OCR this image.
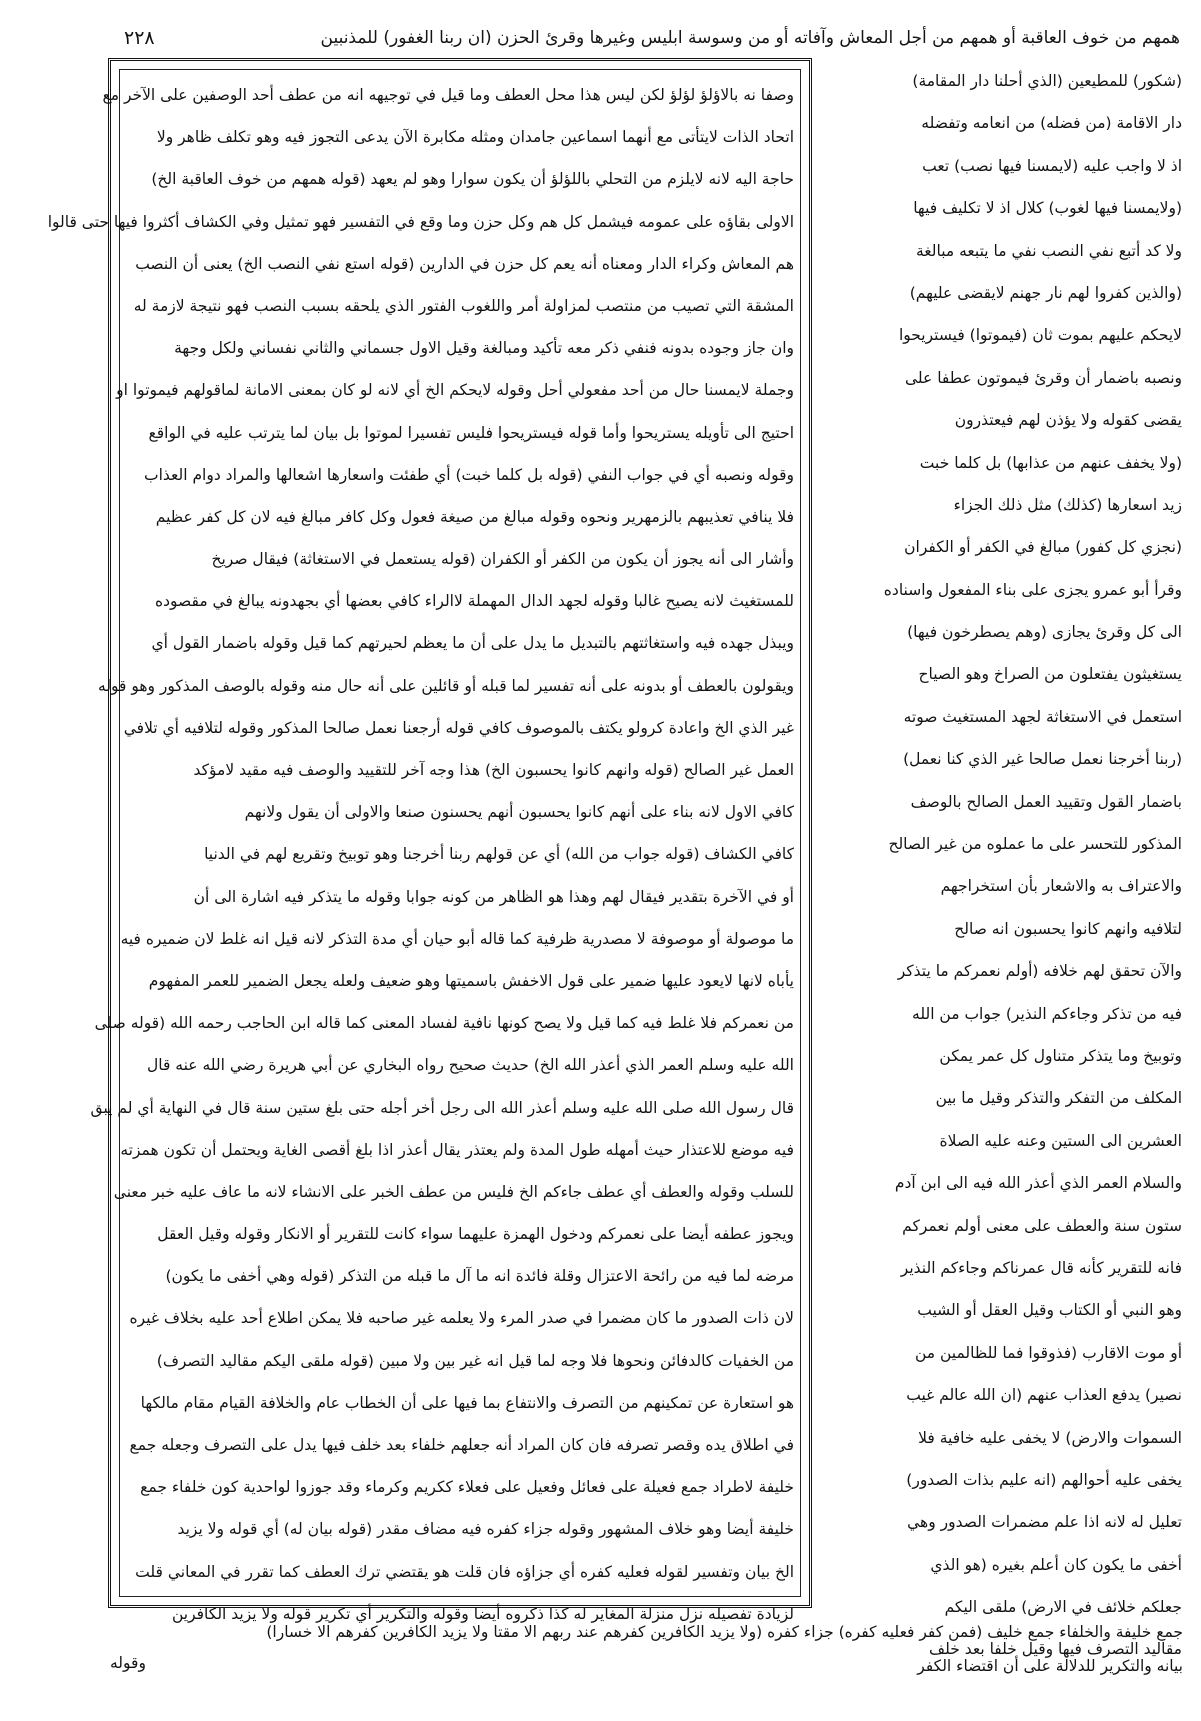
همهم من خوف العاقبة أو همهم من أجل المعاش وآفاته أو من وسوسة ابليس وغيرها وقرئ الحزن (ان ربنا الغفور) للمذنبين
٢٢٨
وصفا نه بالاؤلؤ لؤلؤ لكن ليس هذا محل العطف وما قيل في توجيهه انه من عطف أحد الوصفين على الآخر مع
اتحاد الذات لايتأتى مع أنهما اسماعين جامدان ومثله مكابرة الآن يدعى التجوز فيه وهو تكلف ظاهر ولا
حاجة اليه لانه لايلزم من التحلي باللؤلؤ أن يكون سوارا وهو لم يعهد (قوله همهم من خوف العاقبة الخ)
الاولى بقاؤه على عمومه فيشمل كل هم وكل حزن وما وقع في التفسير فهو تمثيل وفي الكشاف أكثروا فيها حتى قالوا
هم المعاش وكراء الدار ومعناه أنه يعم كل حزن في الدارين (قوله استع نفي النصب الخ) يعنى أن النصب
المشقة التي تصيب من منتصب لمزاولة أمر واللغوب الفتور الذي يلحقه بسبب النصب فهو نتيجة لازمة له
وان جاز وجوده بدونه فنفي ذكر معه تأكيد ومبالغة وقيل الاول جسماني والثاني نفساني ولكل وجهة
وجملة لايمسنا حال من أحد مفعولي أحل وقوله لايحكم الخ أي لانه لو كان بمعنى الامانة لماقولهم فيموتوا او
احتيج الى تأويله يستريحوا وأما قوله فيستريحوا فليس تفسيرا لموتوا بل بيان لما يترتب عليه في الواقع
وقوله ونصبه أي في جواب النفي (قوله بل كلما خبت) أي طفئت واسعارها اشعالها والمراد دوام العذاب
فلا ينافي تعذيبهم بالزمهرير ونحوه وقوله مبالغ من صيغة فعول وكل كافر مبالغ فيه لان كل كفر عظيم
وأشار الى أنه يجوز أن يكون من الكفر أو الكفران (قوله يستعمل في الاستغاثة) فيقال صريخ
للمستغيث لانه يصيح غالبا وقوله لجهد الدال المهملة لاالراء كافي بعضها أي بجهدونه يبالغ في مقصوده
ويبذل جهده فيه واستغاثتهم بالتبديل ما يدل على أن ما يعظم لحيرتهم كما قيل وقوله باضمار القول أي
ويقولون بالعطف أو بدونه على أنه تفسير لما قبله أو قائلين على أنه حال منه وقوله بالوصف المذكور وهو قوله
غير الذي الخ واعادة كرولو يكتف بالموصوف كافي قوله أرجعنا نعمل صالحا المذكور وقوله لتلافيه أي تلافي
العمل غير الصالح (قوله وانهم كانوا يحسبون الخ) هذا وجه آخر للتقييد والوصف فيه مقيد لامؤكد
كافي الاول لانه بناء على أنهم كانوا يحسبون أنهم يحسنون صنعا والاولى أن يقول ولانهم
كافي الكشاف (قوله جواب من الله) أي عن قولهم ربنا أخرجنا وهو توبيخ وتقريع لهم في الدنيا
أو في الآخرة بتقدير فيقال لهم وهذا هو الظاهر من كونه جوابا وقوله ما يتذكر فيه اشارة الى أن
ما موصولة أو موصوفة لا مصدرية ظرفية كما قاله أبو حيان أي مدة التذكر لانه قيل انه غلط لان ضميره فيه
يأباه لانها لايعود عليها ضمير على قول الاخفش باسميتها وهو ضعيف ولعله يجعل الضمير للعمر المفهوم
من نعمركم فلا غلط فيه كما قيل ولا يصح كونها نافية لفساد المعنى كما قاله ابن الحاجب رحمه الله (قوله صلى
الله عليه وسلم العمر الذي أعذر الله الخ) حديث صحيح رواه البخاري عن أبي هريرة رضي الله عنه قال
قال رسول الله صلى الله عليه وسلم أعذر الله الى رجل أخر أجله حتى بلغ ستين سنة قال في النهاية أي لم يبق
فيه موضع للاعتذار حيث أمهله طول المدة ولم يعتذر يقال أعذر اذا بلغ أقصى الغاية ويحتمل أن تكون همزته
للسلب وقوله والعطف أي عطف جاءكم الخ فليس من عطف الخبر على الانشاء لانه ما عاف عليه خبر معنى
ويجوز عطفه أيضا على نعمركم ودخول الهمزة عليهما سواء كانت للتقرير أو الانكار وقوله وقيل العقل
مرضه لما فيه من رائحة الاعتزال وقلة فائدة انه ما آل ما قبله من التذكر (قوله وهي أخفى ما يكون)
لان ذات الصدور ما كان مضمرا في صدر المرء ولا يعلمه غير صاحبه فلا يمكن اطلاع أحد عليه بخلاف غيره
من الخفيات كالدفائن ونحوها فلا وجه لما قيل انه غير بين ولا مبين (قوله ملقى اليكم مقاليد التصرف)
هو استعارة عن تمكينهم من التصرف والانتفاع بما فيها على أن الخطاب عام والخلافة القيام مقام مالكها
في اطلاق يده وقصر تصرفه فان كان المراد أنه جعلهم خلفاء بعد خلف فيها يدل على التصرف وجعله جمع
خليفة لاطراد جمع فعيلة على فعائل وفعيل على فعلاء ككريم وكرماء وقد جوزوا لواحدية كون خلفاء جمع
خليفة أيضا وهو خلاف المشهور وقوله جزاء كفره فيه مضاف مقدر (قوله بيان له) أي قوله ولا يزيد
الخ بيان وتفسير لقوله فعليه كفره أي جزاؤه فان قلت هو يقتضي ترك العطف كما تقرر في المعاني قلت
لزيادة تفصيله نزل منزلة المغاير له كذا ذكروه أيضا وقوله والتكرير أي تكرير قوله ولا يزيد الكافرين
(شكور) للمطيعين (الذي أحلنا دار المقامة)
دار الاقامة (من فضله) من انعامه وتفضله
اذ لا واجب عليه (لايمسنا فيها نصب) تعب
(ولايمسنا فيها لغوب) كلال اذ لا تكليف فيها
ولا كد أتبع نفي النصب نفي ما يتبعه مبالغة
(والذين كفروا لهم نار جهنم لايقضى عليهم)
لايحكم عليهم بموت ثان (فيموتوا) فيستريحوا
ونصبه باضمار أن وقرئ فيموتون عطفا على
يقضى كقوله ولا يؤذن لهم فيعتذرون
(ولا يخفف عنهم من عذابها) بل كلما خبت
زيد اسعارها (كذلك) مثل ذلك الجزاء
(نجزي كل كفور) مبالغ في الكفر أو الكفران
وقرأ أبو عمرو يجزى على بناء المفعول واسناده
الى كل وقرئ يجازى (وهم يصطرخون فيها)
يستغيثون يفتعلون من الصراخ وهو الصياح
استعمل في الاستغاثة لجهد المستغيث صوته
(ربنا أخرجنا نعمل صالحا غير الذي كنا نعمل)
باضمار القول وتقييد العمل الصالح بالوصف
المذكور للتحسر على ما عملوه من غير الصالح
والاعتراف به والاشعار بأن استخراجهم
لتلافيه وانهم كانوا يحسبون انه صالح
والآن تحقق لهم خلافه (أولم نعمركم ما يتذكر
فيه من تذكر وجاءكم النذير) جواب من الله
وتوبيخ وما يتذكر متناول كل عمر يمكن
المكلف من التفكر والتذكر وقيل ما بين
العشرين الى الستين وعنه عليه الصلاة
والسلام العمر الذي أعذر الله فيه الى ابن آدم
ستون سنة والعطف على معنى أولم نعمركم
فانه للتقرير كأنه قال عمرناكم وجاءكم النذير
وهو النبي أو الكتاب وقيل العقل أو الشيب
أو موت الاقارب (فذوقوا فما للظالمين من
نصير) يدفع العذاب عنهم (ان الله عالم غيب
السموات والارض) لا يخفى عليه خافية فلا
يخفى عليه أحوالهم (انه عليم بذات الصدور)
تعليل له لانه اذا علم مضمرات الصدور وهي
أخفى ما يكون كان أعلم بغيره (هو الذي
جعلكم خلائف في الارض) ملقى اليكم
مقاليد التصرف فيها وقيل خلفا بعد خلف
جمع خليفة والخلفاء جمع خليف (فمن كفر فعليه كفره) جزاء كفره (ولا يزيد الكافرين كفرهم عند ربهم الا مقتا ولا يزيد الكافرين كفرهم الا خسارا)
بيانه والتكرير للدلالة على أن اقتضاء الكفر
وقوله
